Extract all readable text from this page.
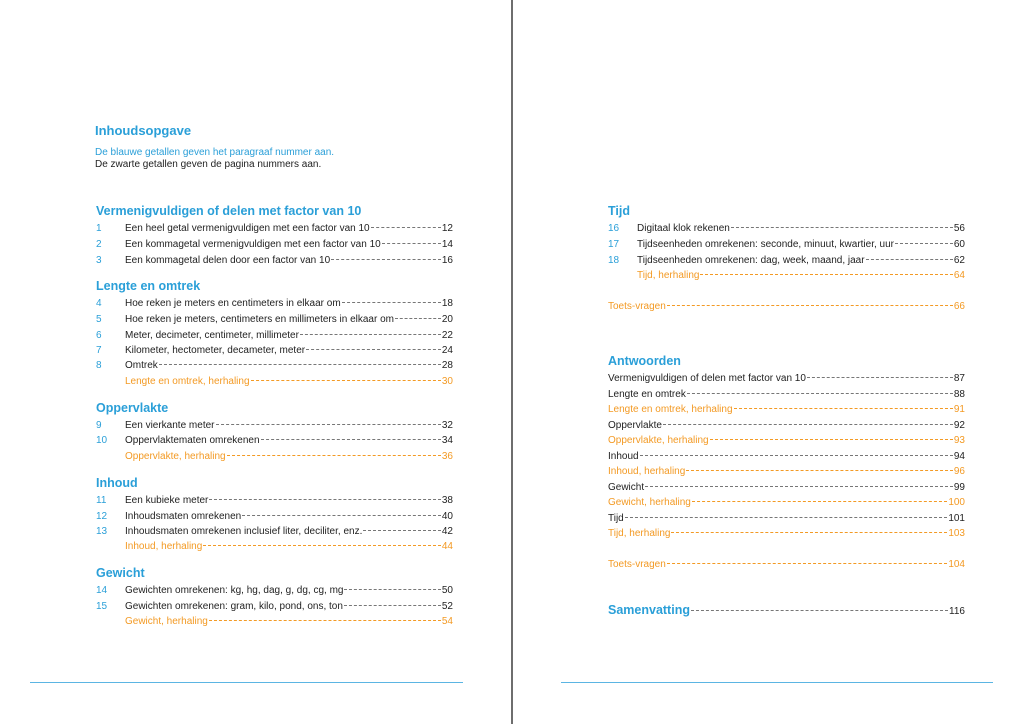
Inhoudsopgave
De blauwe getallen geven het paragraaf nummer aan.
De zwarte getallen geven de pagina nummers aan.
Vermenigvuldigen of delen met factor van 10
1	Een heel getal vermenigvuldigen met een factor van 10	12
2	Een kommagetal vermenigvuldigen met een factor van 10	14
3	Een kommagetal delen door een factor van 10	16
Lengte en omtrek
4	Hoe reken je meters en centimeters in elkaar om	18
5	Hoe reken je meters, centimeters en millimeters in elkaar om	20
6	Meter, decimeter, centimeter, millimeter	22
7	Kilometer, hectometer, decameter, meter	24
8	Omtrek	28
Lengte en omtrek, herhaling	30
Oppervlakte
9	Een vierkante meter	32
10	Oppervlaktematen omrekenen	34
Oppervlakte, herhaling	36
Inhoud
11	Een kubieke meter	38
12	Inhoudsmaten omrekenen	40
13	Inhoudsmaten omrekenen inclusief liter, deciliter, enz.	42
Inhoud, herhaling	44
Gewicht
14	Gewichten omrekenen: kg, hg, dag, g, dg, cg, mg	50
15	Gewichten omrekenen: gram, kilo, pond, ons, ton	52
Gewicht, herhaling	54
Tijd
16	Digitaal klok rekenen	56
17	Tijdseenheden omrekenen: seconde, minuut, kwartier, uur	60
18	Tijdseenheden omrekenen: dag, week, maand, jaar	62
Tijd, herhaling	64
Toets-vragen	66
Antwoorden
Vermenigvuldigen of delen met factor van 10	87
Lengte en omtrek	88
Lengte en omtrek, herhaling	91
Oppervlakte	92
Oppervlakte, herhaling	93
Inhoud	94
Inhoud, herhaling	96
Gewicht	99
Gewicht, herhaling	100
Tijd	101
Tijd, herhaling	103
Toets-vragen	104
Samenvatting	116
